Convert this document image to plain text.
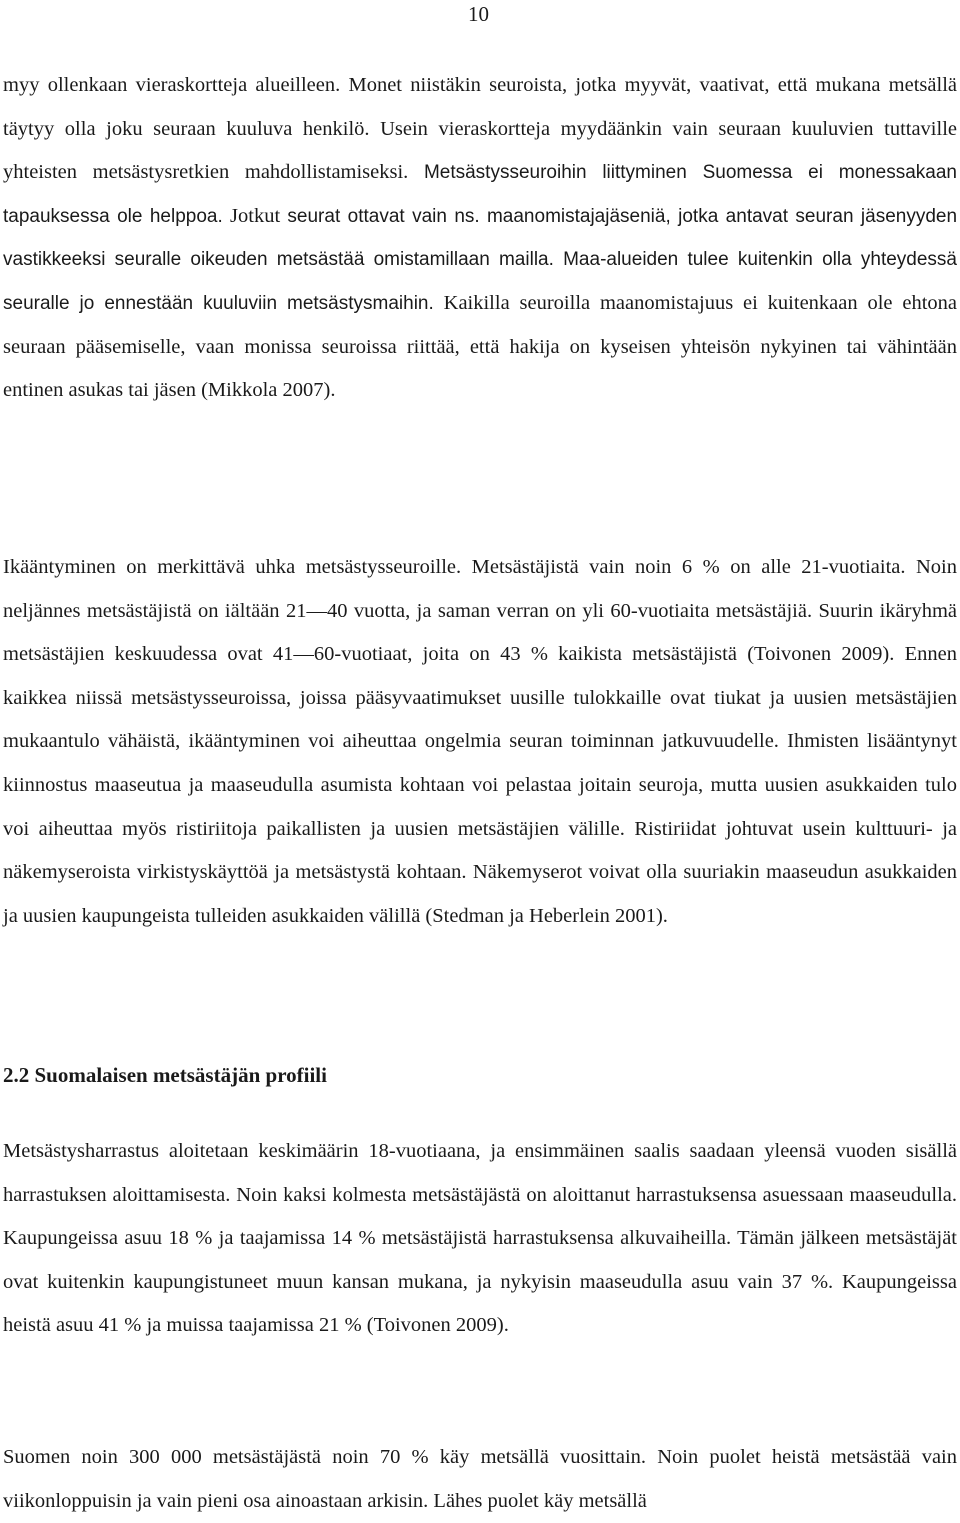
10
myy ollenkaan vieraskortteja alueilleen. Monet niistäkin seuroista, jotka myyvät, vaativat, että mukana metsällä täytyy olla joku seuraan kuuluva henkilö. Usein vieraskortteja myydäänkin vain seuraan kuuluvien tuttaville yhteisten metsästysretkien mahdollistamiseksi. Metsästysseuroihin liittyminen Suomessa ei monessakaan tapauksessa ole helppoa. Jotkut seurat ottavat vain ns. maanomistajajäseniä, jotka antavat seuran jäsenyyden vastikkeeksi seuralle oikeuden metsästää omistamillaan mailla. Maa-alueiden tulee kuitenkin olla yhteydessä seuralle jo ennestään kuuluviin metsästysmaihin. Kaikilla seuroilla maanomistajuus ei kuitenkaan ole ehtona seuraan pääsemiselle, vaan monissa seuroissa riittää, että hakija on kyseisen yhteisön nykyinen tai vähintään entinen asukas tai jäsen (Mikkola 2007).

Ikääntyminen on merkittävä uhka metsästysseuroille. Metsästäjistä vain noin 6 % on alle 21-vuotiaita. Noin neljännes metsästäjistä on iältään 21—40 vuotta, ja saman verran on yli 60-vuotiaita metsästäjiä. Suurin ikäryhmä metsästäjien keskuudessa ovat 41—60-vuotiaat, joita on 43 % kaikista metsästäjistä (Toivonen 2009). Ennen kaikkea niissä metsästysseuroissa, joissa pääsyvaatimukset uusille tulokkaille ovat tiukat ja uusien metsästäjien mukaantulo vähäistä, ikääntyminen voi aiheuttaa ongelmia seuran toiminnan jatkuvuudelle. Ihmisten lisääntynyt kiinnostus maaseutua ja maaseudulla asumista kohtaan voi pelastaa joitain seuroja, mutta uusien asukkaiden tulo voi aiheuttaa myös ristiriitoja paikallisten ja uusien metsästäjien välille. Ristiriidat johtuvat usein kulttuuri- ja näkemyseroista virkistyskäyttöä ja metsästystä kohtaan. Näkemyserot voivat olla suuriakin maaseudun asukkaiden ja uusien kaupungeista tulleiden asukkaiden välillä (Stedman ja Heberlein 2001).

2.2 Suomalaisen metsästäjän profiili

Metsästysharrastus aloitetaan keskimäärin 18-vuotiaana, ja ensimmäinen saalis saadaan yleensä vuoden sisällä harrastuksen aloittamisesta. Noin kaksi kolmesta metsästäjästä on aloittanut harrastuksensa asuessaan maaseudulla. Kaupungeissa asuu 18 % ja taajamissa 14 % metsästäjistä harrastuksensa alkuvaiheilla. Tämän jälkeen metsästäjät ovat kuitenkin kaupungistuneet muun kansan mukana, ja nykyisin maaseudulla asuu vain 37 %. Kaupungeissa heistä asuu 41 % ja muissa taajamissa 21 % (Toivonen 2009).

Suomen noin 300 000 metsästäjästä noin 70 % käy metsällä vuosittain. Noin puolet heistä metsästää vain viikonloppuisin ja vain pieni osa ainoastaan arkisin. Lähes puolet käy metsällä
